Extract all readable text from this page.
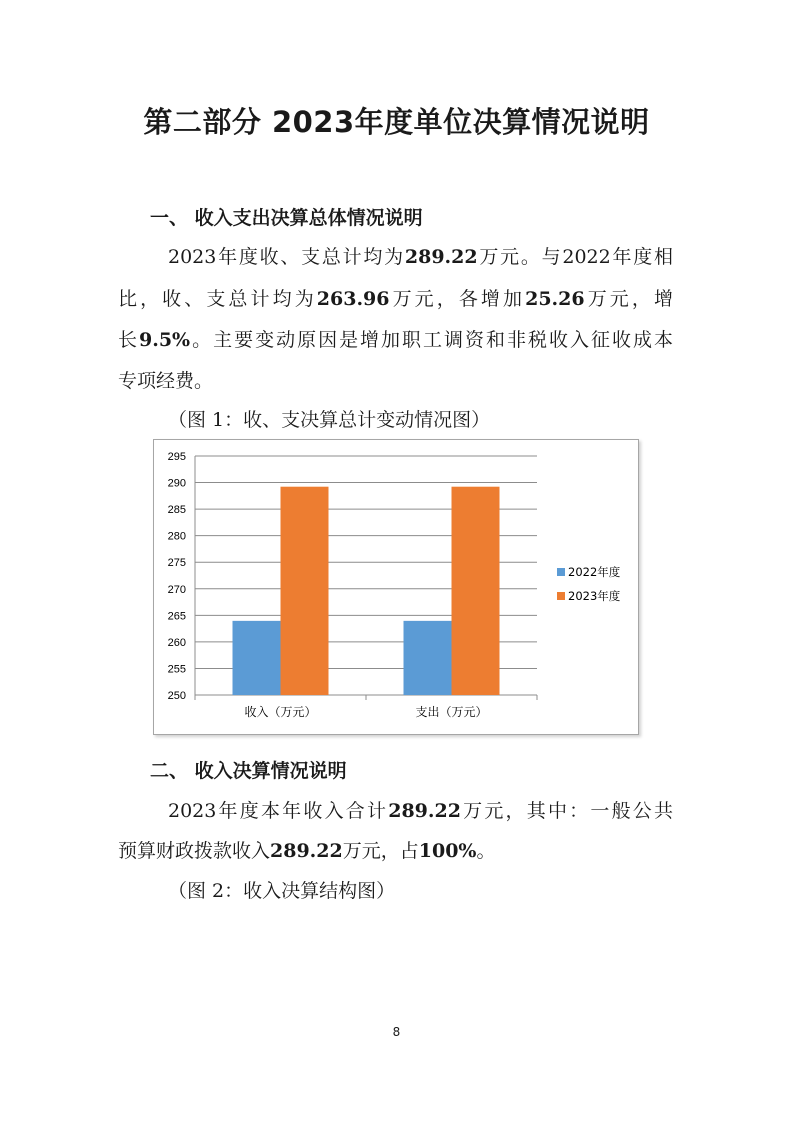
第二部分 2023年度单位决算情况说明
一、 收入支出决算总体情况说明
2023年度收、支总计均为289.22万元。与2022年度相
比，收、支总计均为263.96万元，各增加25.26万元，增
长9.5%。主要变动原因是增加职工调资和非税收入征收成本
专项经费。
（图 1：收、支决算总计变动情况图）
250
255
260
265
270
275
280
285
290
295
收入（万元）	支出（万元）
2022年度
2023年度
二、 收入决算情况说明
2023年度本年收入合计289.22万元，其中：一般公共
预算财政拨款收入289.22万元，占100%。
（图 2：收入决算结构图）
8
